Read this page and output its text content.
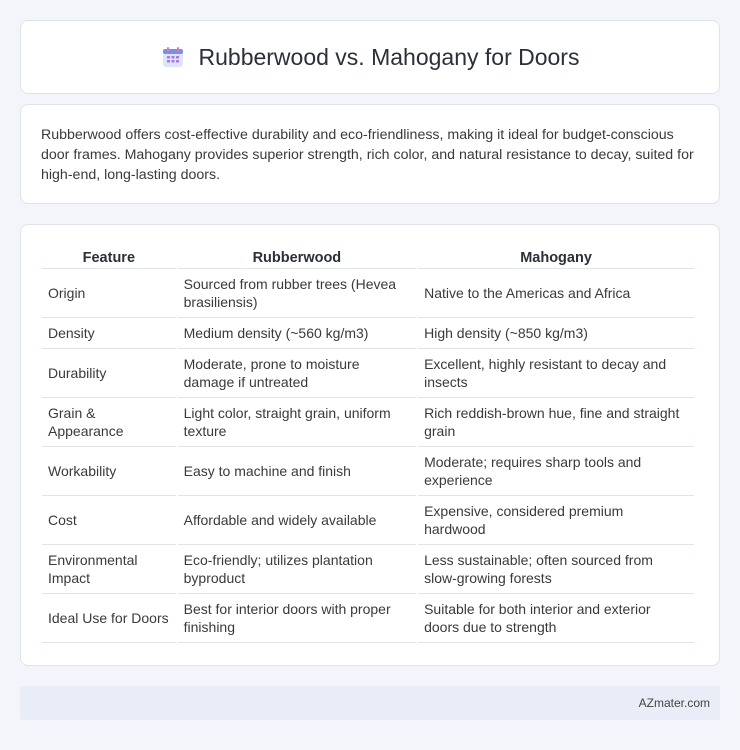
Rubberwood vs. Mahogany for Doors

Rubberwood offers cost-effective durability and eco-friendliness, making it ideal for budget-conscious door frames. Mahogany provides superior strength, rich color, and natural resistance to decay, suited for high-end, long-lasting doors.

Feature	Rubberwood	Mahogany
Origin	Sourced from rubber trees (Hevea brasiliensis)	Native to the Americas and Africa
Density	Medium density (~560 kg/m3)	High density (~850 kg/m3)
Durability	Moderate, prone to moisture damage if untreated	Excellent, highly resistant to decay and insects
Grain & Appearance	Light color, straight grain, uniform texture	Rich reddish-brown hue, fine and straight grain
Workability	Easy to machine and finish	Moderate; requires sharp tools and experience
Cost	Affordable and widely available	Expensive, considered premium hardwood
Environmental Impact	Eco-friendly; utilizes plantation byproduct	Less sustainable; often sourced from slow-growing forests
Ideal Use for Doors	Best for interior doors with proper finishing	Suitable for both interior and exterior doors due to strength
AZmater.com
